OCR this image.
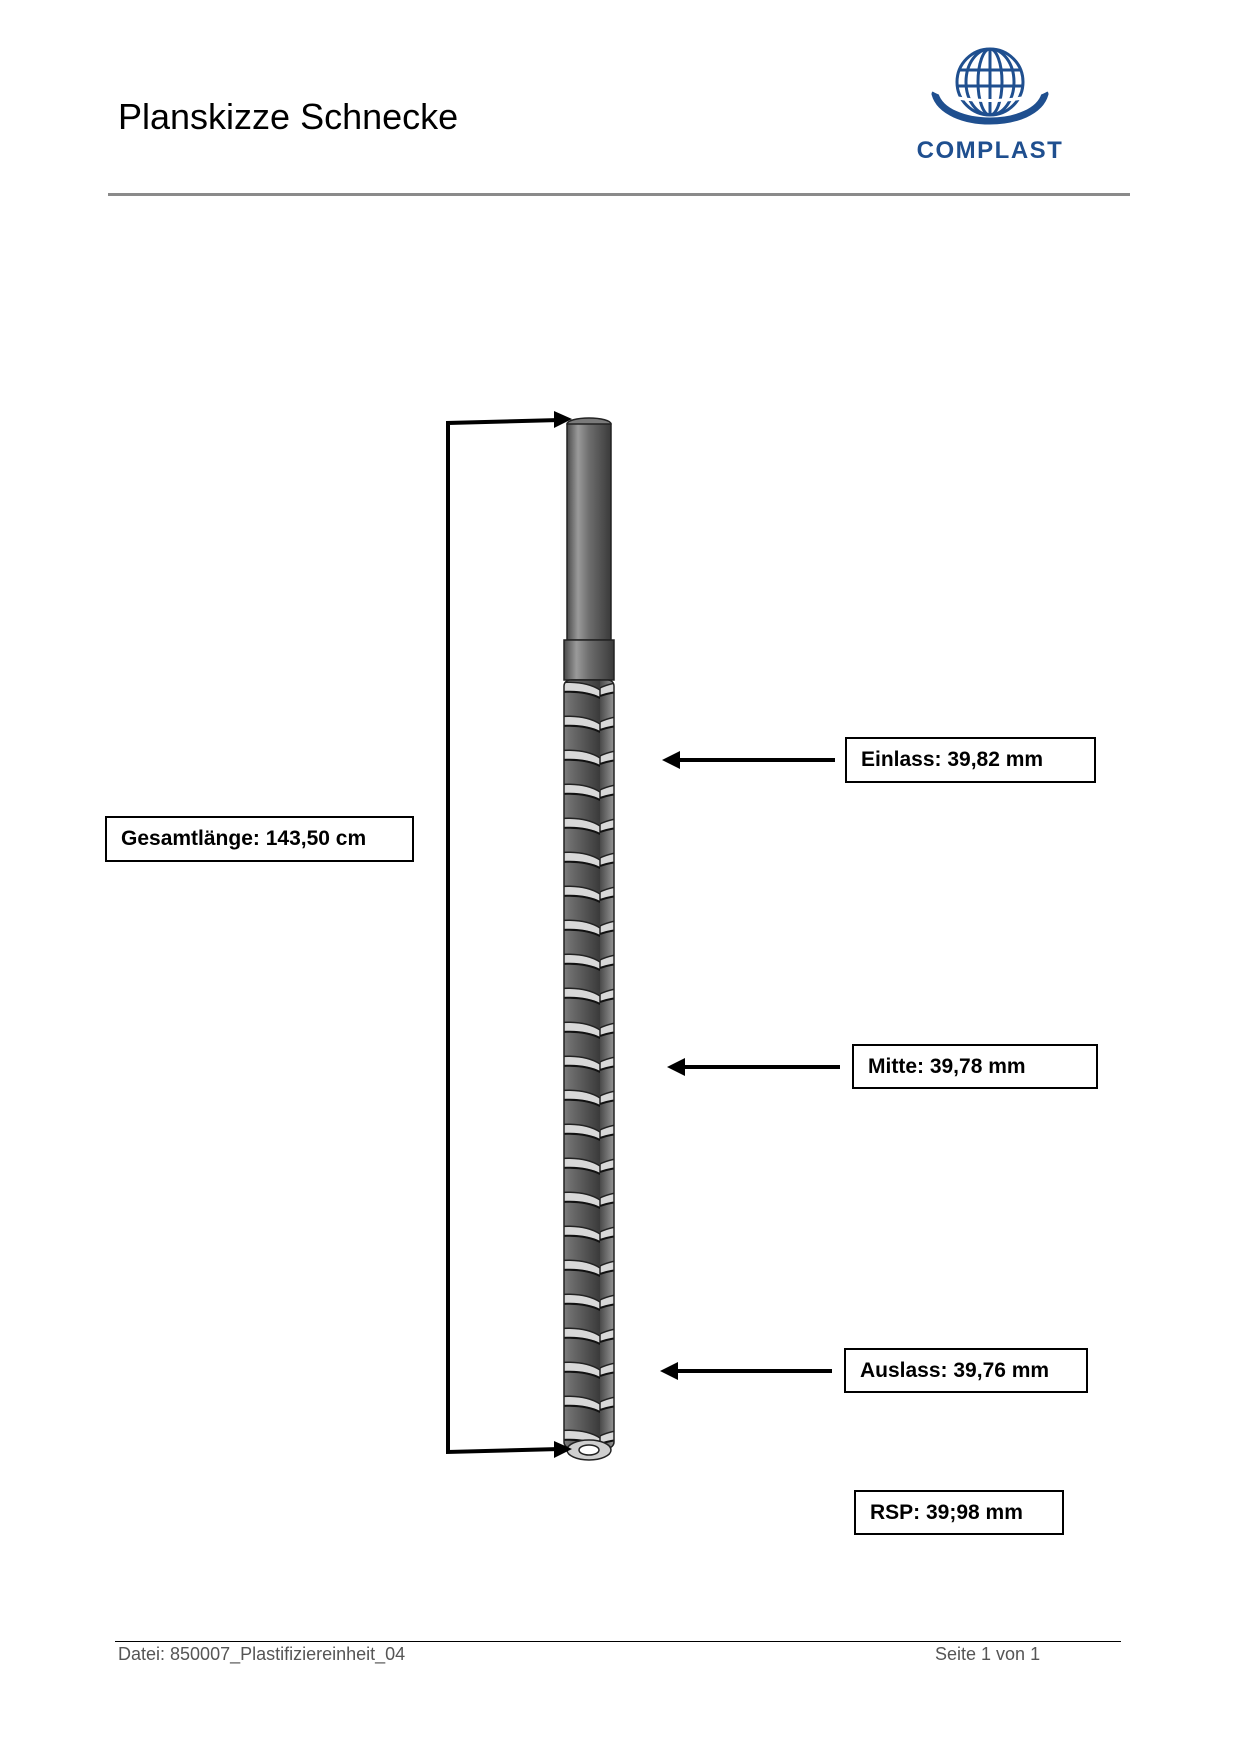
Planskizze Schnecke
COMPLAST
Gesamtlänge: 143,50 cm
Einlass: 39,82 mm
Mitte: 39,78 mm
Auslass: 39,76 mm
RSP: 39;98 mm
Datei: 850007_Plastifiziereinheit_04	Seite 1 von 1
